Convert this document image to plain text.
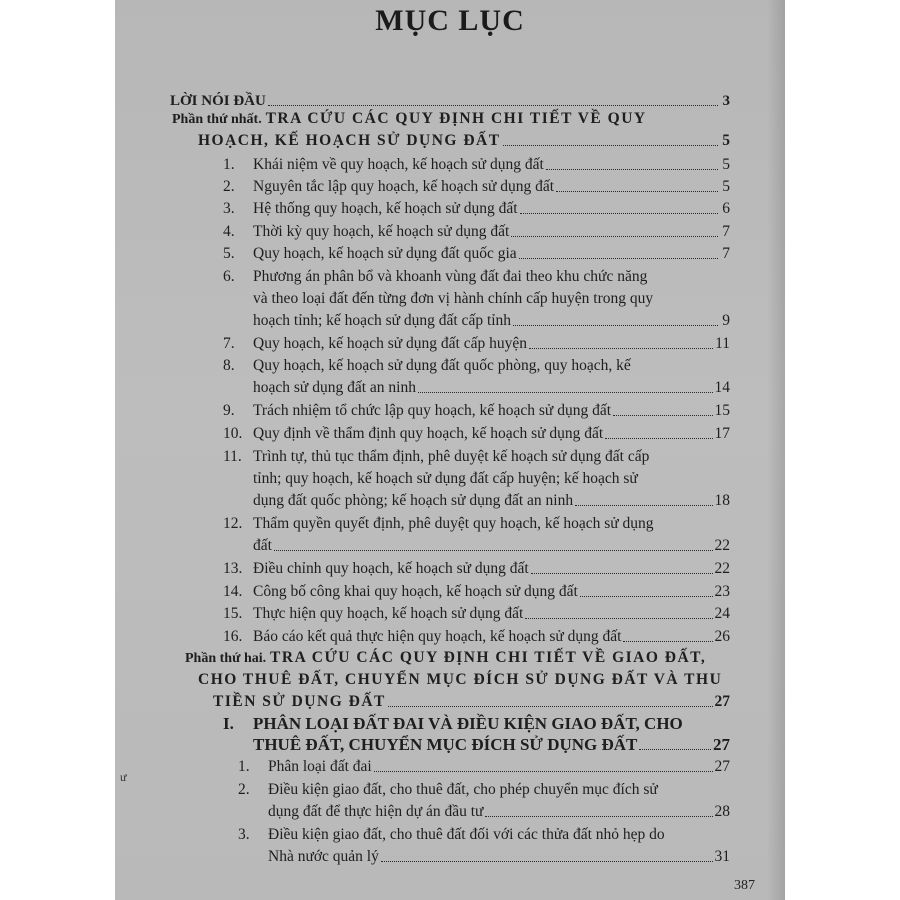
MỤC LỤC
LỜI NÓI ĐẦU	3
Phần thứ nhất. TRA CỨU CÁC QUY ĐỊNH CHI TIẾT VỀ QUY
HOẠCH, KẾ HOẠCH SỬ DỤNG ĐẤT	5
1.	Khái niệm về quy hoạch, kế hoạch sử dụng đất	5
2.	Nguyên tắc lập quy hoạch, kế hoạch sử dụng đất	5
3.	Hệ thống quy hoạch, kế hoạch sử dụng đất	6
4.	Thời kỳ quy hoạch, kế hoạch sử dụng đất	7
5.	Quy hoạch, kế hoạch sử dụng đất quốc gia	7
6. Phương án phân bổ và khoanh vùng đất đai theo khu chức năng
và theo loại đất đến từng đơn vị hành chính cấp huyện trong quy
hoạch tỉnh; kế hoạch sử dụng đất cấp tỉnh	9
7.	Quy hoạch, kế hoạch sử dụng đất cấp huyện	11
8. Quy hoạch, kế hoạch sử dụng đất quốc phòng, quy hoạch, kế
hoạch sử dụng đất an ninh	14
9.	Trách nhiệm tổ chức lập quy hoạch, kế hoạch sử dụng đất	15
10. Quy định về thẩm định quy hoạch, kế hoạch sử dụng đất	17
11. Trình tự, thủ tục thẩm định, phê duyệt kế hoạch sử dụng đất cấp
tỉnh; quy hoạch, kế hoạch sử dụng đất cấp huyện; kế hoạch sử
dụng đất quốc phòng; kế hoạch sử dụng đất an ninh	18
12. Thẩm quyền quyết định, phê duyệt quy hoạch, kế hoạch sử dụng
đất	22
13. Điều chỉnh quy hoạch, kế hoạch sử dụng đất	22
14. Công bố công khai quy hoạch, kế hoạch sử dụng đất	23
15. Thực hiện quy hoạch, kế hoạch sử dụng đất	24
16. Báo cáo kết quả thực hiện quy hoạch, kế hoạch sử dụng đất	26
Phần thứ hai. TRA CỨU CÁC QUY ĐỊNH CHI TIẾT VỀ GIAO ĐẤT,
CHO THUÊ ĐẤT, CHUYỂN MỤC ĐÍCH SỬ DỤNG ĐẤT VÀ THU
TIỀN SỬ DỤNG ĐẤT	27
I. PHÂN LOẠI ĐẤT ĐAI VÀ ĐIỀU KIỆN GIAO ĐẤT, CHO
THUÊ ĐẤT, CHUYỂN MỤC ĐÍCH SỬ DỤNG ĐẤT	27
1.	Phân loại đất đai	27
2. Điều kiện giao đất, cho thuê đất, cho phép chuyển mục đích sử
dụng đất để thực hiện dự án đầu tư	28
3. Điều kiện giao đất, cho thuê đất đối với các thửa đất nhỏ hẹp do
Nhà nước quản lý	31
ư
387
